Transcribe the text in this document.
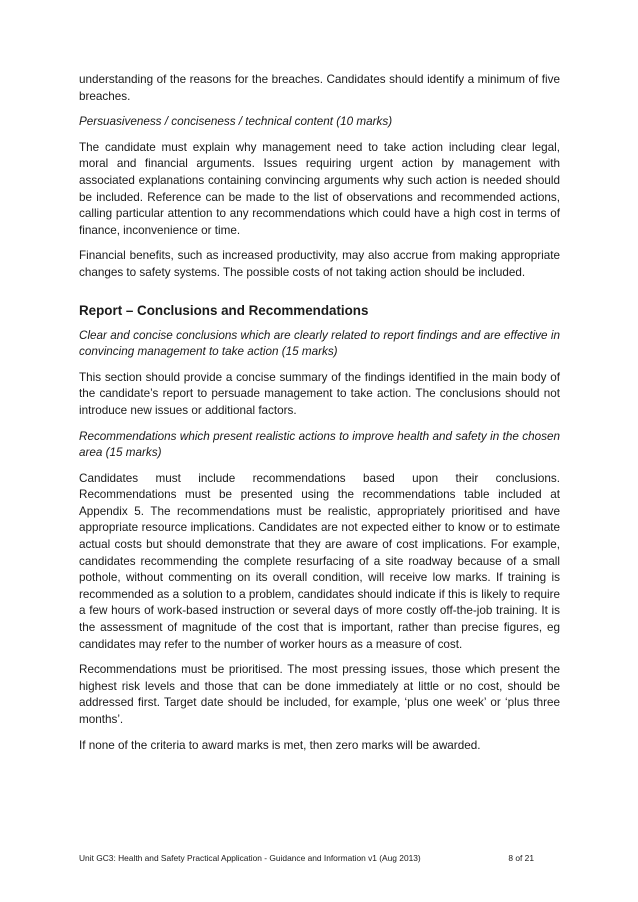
understanding of the reasons for the breaches. Candidates should identify a minimum of five breaches.

Persuasiveness / conciseness / technical content (10 marks)

The candidate must explain why management need to take action including clear legal, moral and financial arguments. Issues requiring urgent action by management with associated explanations containing convincing arguments why such action is needed should be included. Reference can be made to the list of observations and recommended actions, calling particular attention to any recommendations which could have a high cost in terms of finance, inconvenience or time.

Financial benefits, such as increased productivity, may also accrue from making appropriate changes to safety systems. The possible costs of not taking action should be included.

Report – Conclusions and Recommendations

Clear and concise conclusions which are clearly related to report findings and are effective in convincing management to take action (15 marks)

This section should provide a concise summary of the findings identified in the main body of the candidate’s report to persuade management to take action. The conclusions should not introduce new issues or additional factors.

Recommendations which present realistic actions to improve health and safety in the chosen area (15 marks)

Candidates must include recommendations based upon their conclusions. Recommendations must be presented using the recommendations table included at Appendix 5. The recommendations must be realistic, appropriately prioritised and have appropriate resource implications. Candidates are not expected either to know or to estimate actual costs but should demonstrate that they are aware of cost implications. For example, candidates recommending the complete resurfacing of a site roadway because of a small pothole, without commenting on its overall condition, will receive low marks. If training is recommended as a solution to a problem, candidates should indicate if this is likely to require a few hours of work-based instruction or several days of more costly off-the-job training. It is the assessment of magnitude of the cost that is important, rather than precise figures, eg candidates may refer to the number of worker hours as a measure of cost.

Recommendations must be prioritised. The most pressing issues, those which present the highest risk levels and those that can be done immediately at little or no cost, should be addressed first. Target date should be included, for example, ‘plus one week’ or ‘plus three months’.

If none of the criteria to award marks is met, then zero marks will be awarded.

Unit GC3: Health and Safety Practical Application - Guidance and Information v1 (Aug 2013)	8 of 21
